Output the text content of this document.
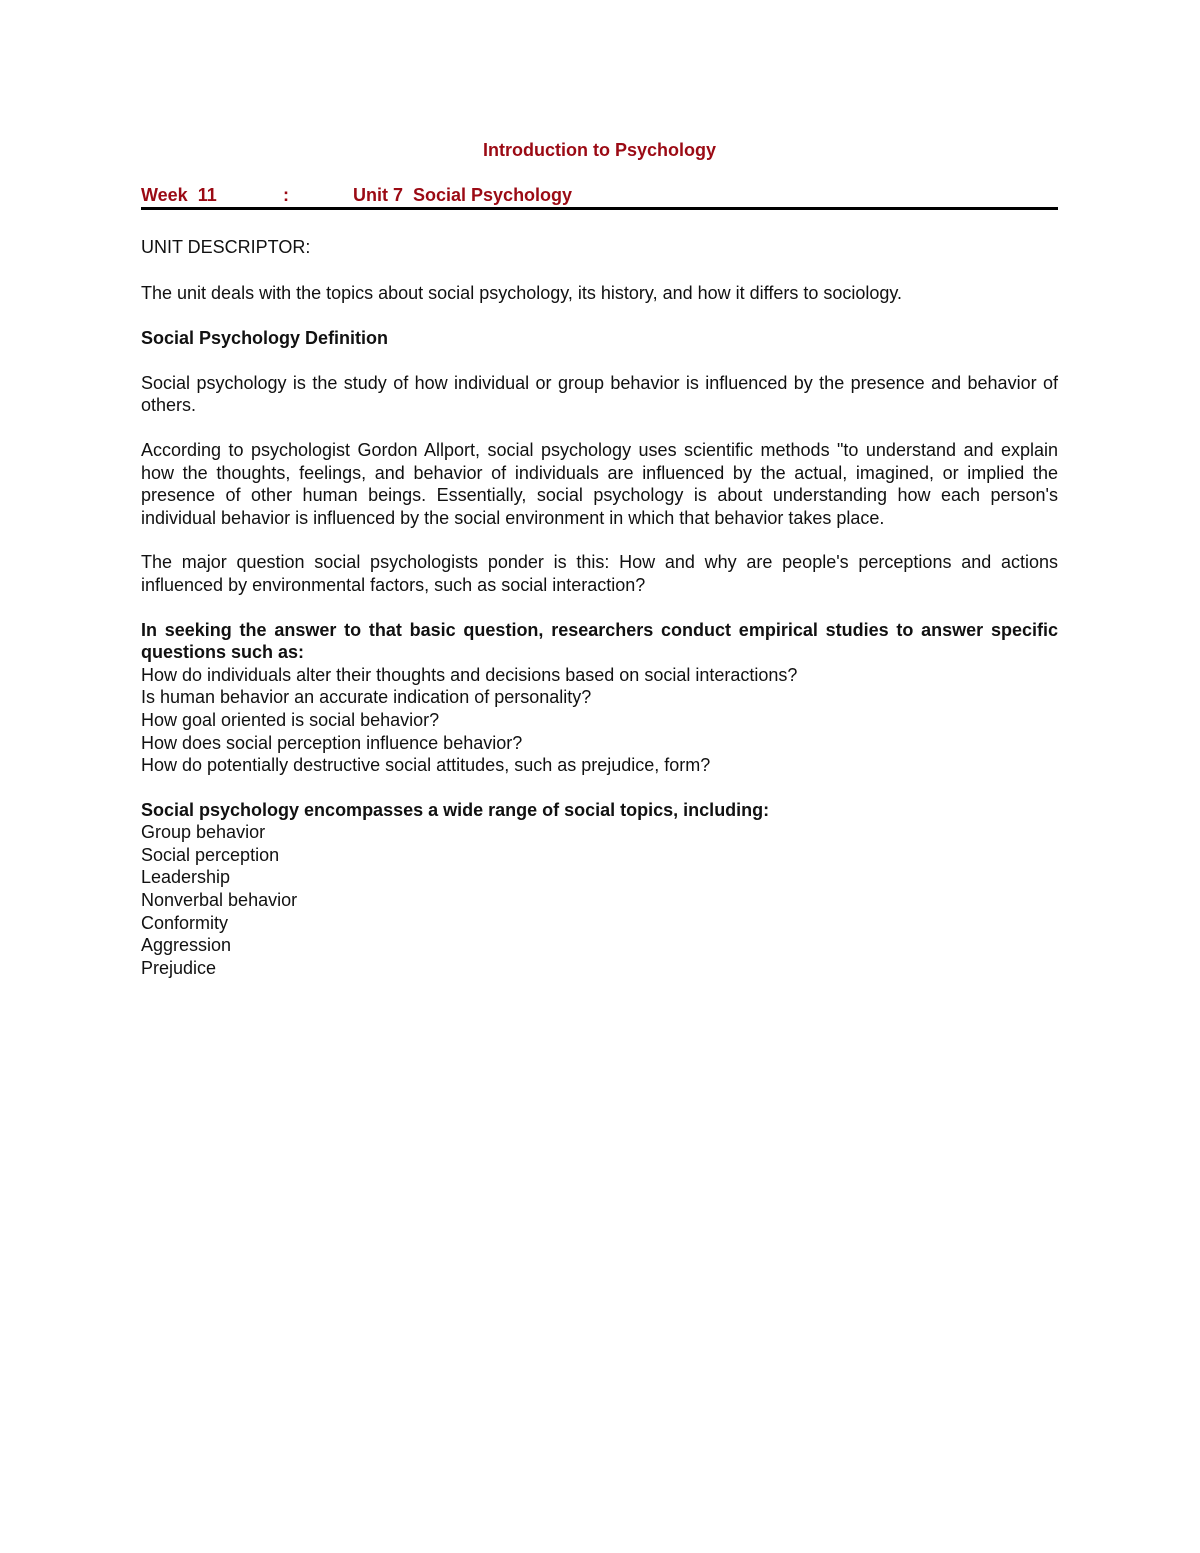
Introduction to Psychology
Week  11	:	Unit 7  Social Psychology

UNIT DESCRIPTOR:

The unit deals with the topics about social psychology, its history, and how it differs to sociology.

Social Psychology Definition

Social psychology is the study of how individual or group behavior is influenced by the presence and behavior of others.

According to psychologist Gordon Allport, social psychology uses scientific methods "to understand and explain how the thoughts, feelings, and behavior of individuals are influenced by the actual, imagined, or implied the presence of other human beings. Essentially, social psychology is about understanding how each person's individual behavior is influenced by the social environment in which that behavior takes place.

The major question social psychologists ponder is this: How and why are people's perceptions and actions influenced by environmental factors, such as social interaction?

In seeking the answer to that basic question, researchers conduct empirical studies to answer specific questions such as:

How do individuals alter their thoughts and decisions based on social interactions?
Is human behavior an accurate indication of personality?
How goal oriented is social behavior?
How does social perception influence behavior?
How do potentially destructive social attitudes, such as prejudice, form?

Social psychology encompasses a wide range of social topics, including:

Group behavior
Social perception
Leadership
Nonverbal behavior
Conformity
Aggression
Prejudice
